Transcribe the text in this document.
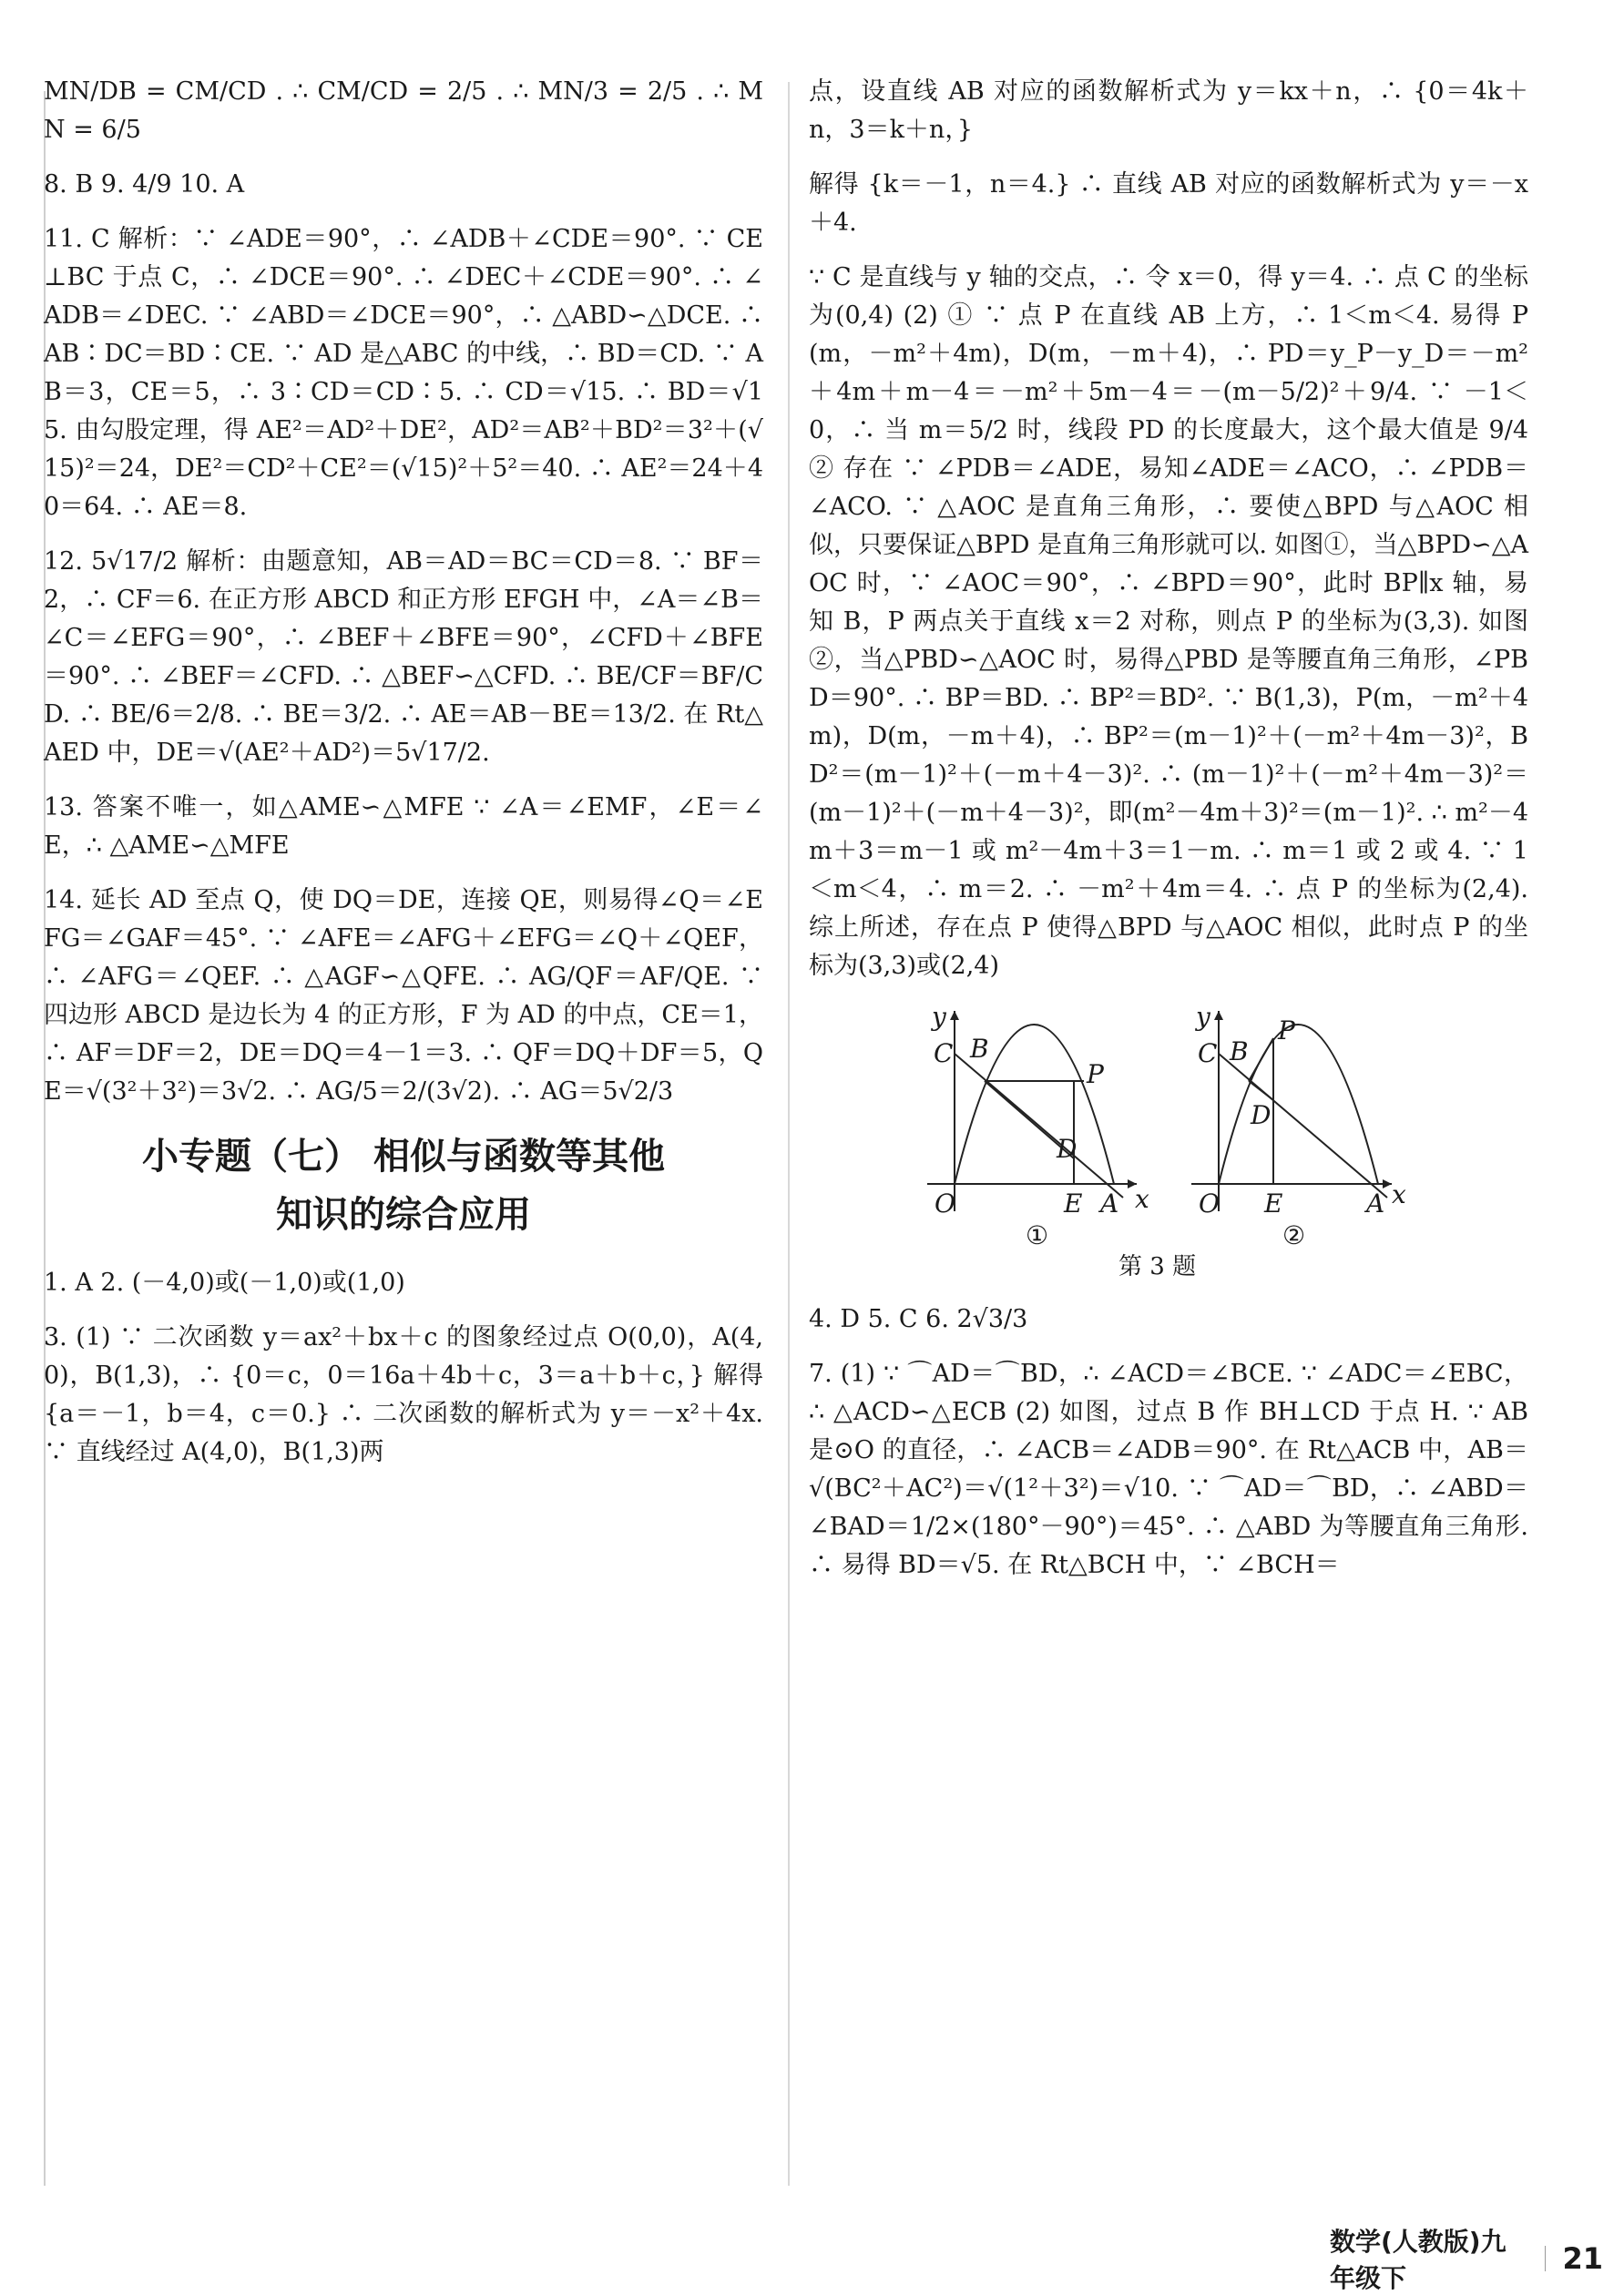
MN/DB = CM/CD . ∴ CM/CD = 2/5 . ∴ MN/3 = 2/5 . ∴ MN = 6/5

8. B 9. 4/9 10. A

11. C 解析：∵ ∠ADE＝90°，∴ ∠ADB＋∠CDE＝90°. ∵ CE⊥BC 于点 C，∴ ∠DCE＝90°. ∴ ∠DEC＋∠CDE＝90°. ∴ ∠ADB＝∠DEC. ∵ ∠ABD＝∠DCE＝90°，∴ △ABD∽△DCE. ∴ AB∶DC＝BD∶CE. ∵ AD 是△ABC 的中线，∴ BD＝CD. ∵ AB＝3，CE＝5，∴ 3∶CD＝CD∶5. ∴ CD＝√15. ∴ BD＝√15. 由勾股定理，得 AE²＝AD²＋DE²，AD²＝AB²＋BD²＝3²＋(√15)²＝24，DE²＝CD²＋CE²＝(√15)²＋5²＝40. ∴ AE²＝24＋40＝64. ∴ AE＝8.

12. 5√17/2 解析：由题意知，AB＝AD＝BC＝CD＝8. ∵ BF＝2，∴ CF＝6. 在正方形 ABCD 和正方形 EFGH 中，∠A＝∠B＝∠C＝∠EFG＝90°，∴ ∠BEF＋∠BFE＝90°，∠CFD＋∠BFE＝90°. ∴ ∠BEF＝∠CFD. ∴ △BEF∽△CFD. ∴ BE/CF＝BF/CD. ∴ BE/6＝2/8. ∴ BE＝3/2. ∴ AE＝AB－BE＝13/2. 在 Rt△AED 中，DE＝√(AE²＋AD²)＝5√17/2.

13. 答案不唯一，如△AME∽△MFE ∵ ∠A＝∠EMF，∠E＝∠E，∴ △AME∽△MFE

14. 延长 AD 至点 Q，使 DQ＝DE，连接 QE，则易得∠Q＝∠EFG＝∠GAF＝45°. ∵ ∠AFE＝∠AFG＋∠EFG＝∠Q＋∠QEF，∴ ∠AFG＝∠QEF. ∴ △AGF∽△QFE. ∴ AG/QF＝AF/QE. ∵ 四边形 ABCD 是边长为 4 的正方形，F 为 AD 的中点，CE＝1，∴ AF＝DF＝2，DE＝DQ＝4－1＝3. ∴ QF＝DQ＋DF＝5，QE＝√(3²＋3²)＝3√2. ∴ AG/5＝2/(3√2). ∴ AG＝5√2/3

小专题（七） 相似与函数等其他
知识的综合应用

1. A 2. (－4,0)或(－1,0)或(1,0)

3. (1) ∵ 二次函数 y＝ax²＋bx＋c 的图象经过点 O(0,0)，A(4,0)，B(1,3)，∴ {0＝c，0＝16a＋4b＋c，3＝a＋b＋c，} 解得 {a＝－1，b＝4，c＝0.} ∴ 二次函数的解析式为 y＝－x²＋4x. ∵ 直线经过 A(4,0)，B(1,3)两

点，设直线 AB 对应的函数解析式为 y＝kx＋n，∴ {0＝4k＋n，3＝k＋n，}

解得 {k＝－1，n＝4.} ∴ 直线 AB 对应的函数解析式为 y＝－x＋4.

∵ C 是直线与 y 轴的交点，∴ 令 x＝0，得 y＝4. ∴ 点 C 的坐标为(0,4) (2) ① ∵ 点 P 在直线 AB 上方，∴ 1＜m＜4. 易得 P(m，－m²＋4m)，D(m，－m＋4)，∴ PD＝y_P－y_D＝－m²＋4m＋m－4＝－m²＋5m－4＝－(m－5/2)²＋9/4. ∵ －1＜0，∴ 当 m＝5/2 时，线段 PD 的长度最大，这个最大值是 9/4 ② 存在 ∵ ∠PDB＝∠ADE，易知∠ADE＝∠ACO，∴ ∠PDB＝∠ACO. ∵ △AOC 是直角三角形，∴ 要使△BPD 与△AOC 相似，只要保证△BPD 是直角三角形就可以. 如图①，当△BPD∽△AOC 时，∵ ∠AOC＝90°，∴ ∠BPD＝90°，此时 BP∥x 轴，易知 B，P 两点关于直线 x＝2 对称，则点 P 的坐标为(3,3). 如图②，当△PBD∽△AOC 时，易得△PBD 是等腰直角三角形，∠PBD＝90°. ∴ BP＝BD. ∴ BP²＝BD². ∵ B(1,3)，P(m，－m²＋4m)，D(m，－m＋4)，∴ BP²＝(m－1)²＋(－m²＋4m－3)²，BD²＝(m－1)²＋(－m＋4－3)². ∴ (m－1)²＋(－m²＋4m－3)²＝(m－1)²＋(－m＋4－3)²，即(m²－4m＋3)²＝(m－1)². ∴ m²－4m＋3＝m－1 或 m²－4m＋3＝1－m. ∴ m＝1 或 2 或 4. ∵ 1＜m＜4，∴ m＝2. ∴ －m²＋4m＝4. ∴ 点 P 的坐标为(2,4). 综上所述，存在点 P 使得△BPD 与△AOC 相似，此时点 P 的坐标为(3,3)或(2,4)

y
C B
P
D
O	E A x
①
y
C B
P
D
O E	A x
②
第 3 题

4. D 5. C 6. 2√3/3

7. (1) ∵ ⌒AD＝⌒BD，∴ ∠ACD＝∠BCE. ∵ ∠ADC＝∠EBC，∴ △ACD∽△ECB (2) 如图，过点 B 作 BH⊥CD 于点 H. ∵ AB 是⊙O 的直径，∴ ∠ACB＝∠ADB＝90°. 在 Rt△ACB 中，AB＝√(BC²＋AC²)＝√(1²＋3²)＝√10. ∵ ⌒AD＝⌒BD，∴ ∠ABD＝∠BAD＝1/2×(180°－90°)＝45°. ∴ △ABD 为等腰直角三角形. ∴ 易得 BD＝√5. 在 Rt△BCH 中，∵ ∠BCH＝

数学(人教版)九年级下
21
